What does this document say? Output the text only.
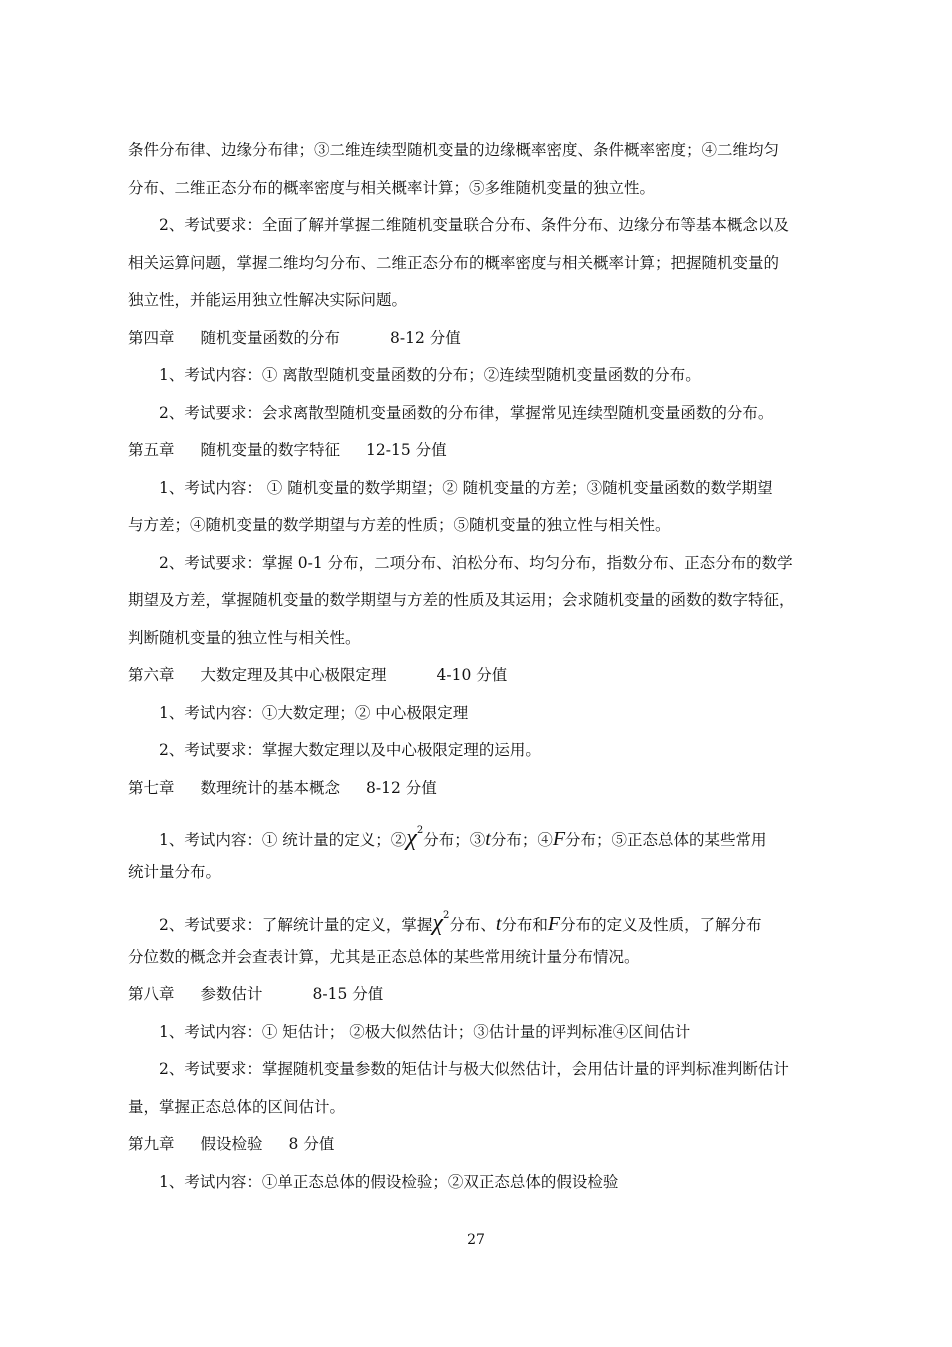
条件分布律、边缘分布律；③二维连续型随机变量的边缘概率密度、条件概率密度；④二维均匀
分布、二维正态分布的概率密度与相关概率计算；⑤多维随机变量的独立性。
2、考试要求：全面了解并掌握二维随机变量联合分布、条件分布、边缘分布等基本概念以及
相关运算问题，掌握二维均匀分布、二维正态分布的概率密度与相关概率计算；把握随机变量的
独立性，并能运用独立性解决实际问题。
第四章 随机变量函数的分布	8-12 分值
1、考试内容：① 离散型随机变量函数的分布；②连续型随机变量函数的分布。
2、考试要求：会求离散型随机变量函数的分布律，掌握常见连续型随机变量函数的分布。
第五章 随机变量的数字特征 12-15 分值
1、考试内容： ① 随机变量的数学期望；② 随机变量的方差；③随机变量函数的数学期望
与方差；④随机变量的数学期望与方差的性质；⑤随机变量的独立性与相关性。
2、考试要求：掌握 0-1 分布，二项分布、泊松分布、均匀分布，指数分布、正态分布的数学
期望及方差，掌握随机变量的数学期望与方差的性质及其运用；会求随机变量的函数的数字特征，
判断随机变量的独立性与相关性。
第六章 大数定理及其中心极限定理	4-10 分值
1、考试内容：①大数定理；② 中心极限定理
2、考试要求：掌握大数定理以及中心极限定理的运用。
第七章 数理统计的基本概念 8-12 分值
1、考试内容：① 统计量的定义；$②\chi^2$分布；③t分布；④F分布；⑤正态总体的某些常用
统计量分布。
2、考试要求：了解统计量的定义，掌握$\chi^2$分布、t分布和F分布的定义及性质，了解分布
分位数的概念并会查表计算，尤其是正态总体的某些常用统计量分布情况。
第八章 参数估计	8-15 分值
1、考试内容：① 矩估计； ②极大似然估计；③估计量的评判标准④区间估计
2、考试要求：掌握随机变量参数的矩估计与极大似然估计，会用估计量的评判标准判断估计
量，掌握正态总体的区间估计。
第九章 假设检验 8 分值
1、考试内容：①单正态总体的假设检验；②双正态总体的假设检验
27
